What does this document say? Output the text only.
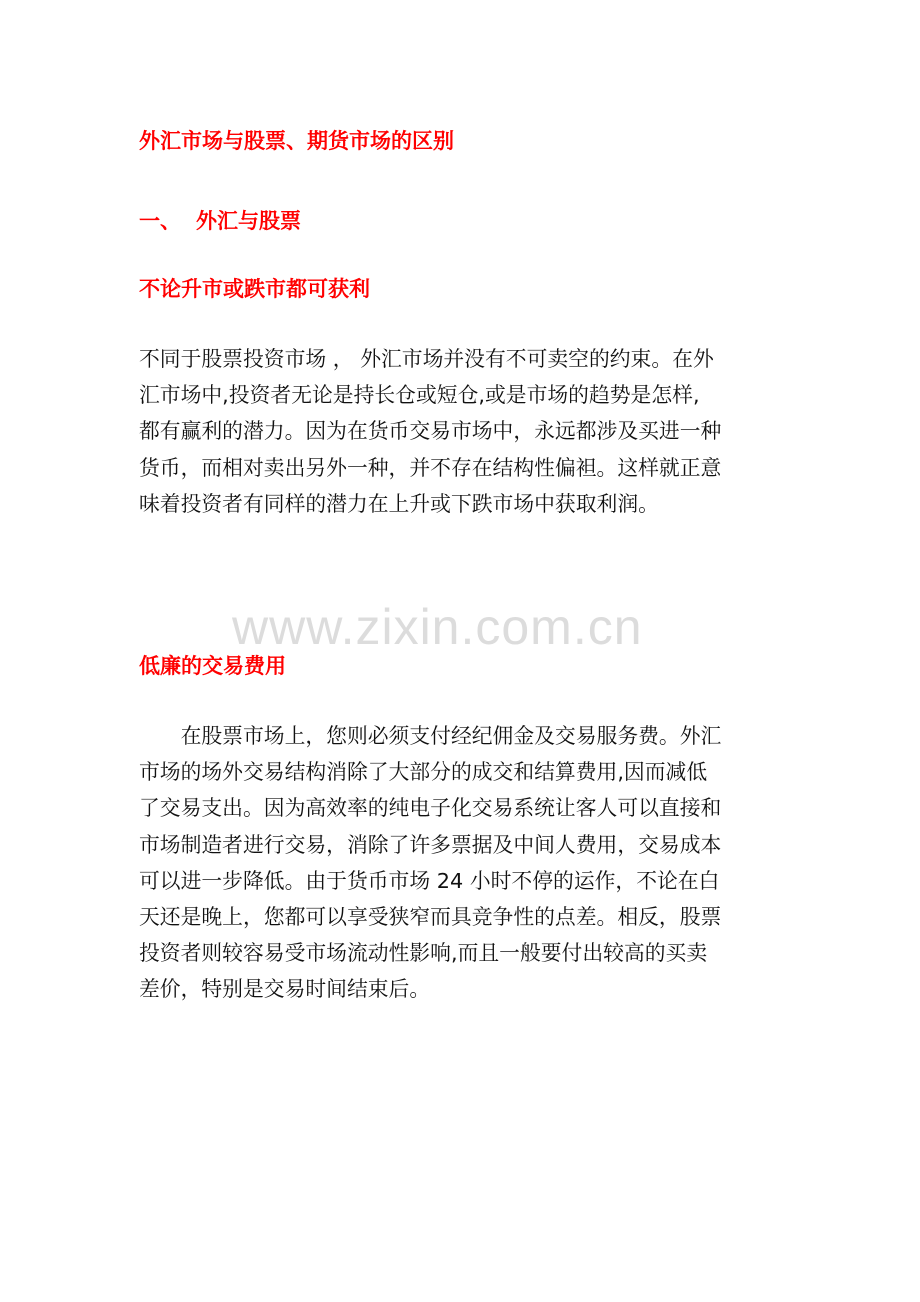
外汇市场与股票、期货市场的区别
一、 外汇与股票
不论升市或跌市都可获利

不同于股票投资市场 ， 外汇市场并没有不可卖空的约束。在外
汇市场中,投资者无论是持长仓或短仓,或是市场的趋势是怎样,
都有赢利的潜力。因为在货币交易市场中，永远都涉及买进一种
货币，而相对卖出另外一种，并不存在结构性偏袒。这样就正意
味着投资者有同样的潜力在上升或下跌市场中获取利润。

www.zixin.com.cn
低廉的交易费用

　　在股票市场上，您则必须支付经纪佣金及交易服务费。外汇
市场的场外交易结构消除了大部分的成交和结算费用,因而减低
了交易支出。因为高效率的纯电子化交易系统让客人可以直接和
市场制造者进行交易，消除了许多票据及中间人费用，交易成本
可以进一步降低。由于货币市场 24 小时不停的运作，不论在白
天还是晚上，您都可以享受狭窄而具竞争性的点差。相反，股票
投资者则较容易受市场流动性影响,而且一般要付出较高的买卖
差价，特别是交易时间结束后。
